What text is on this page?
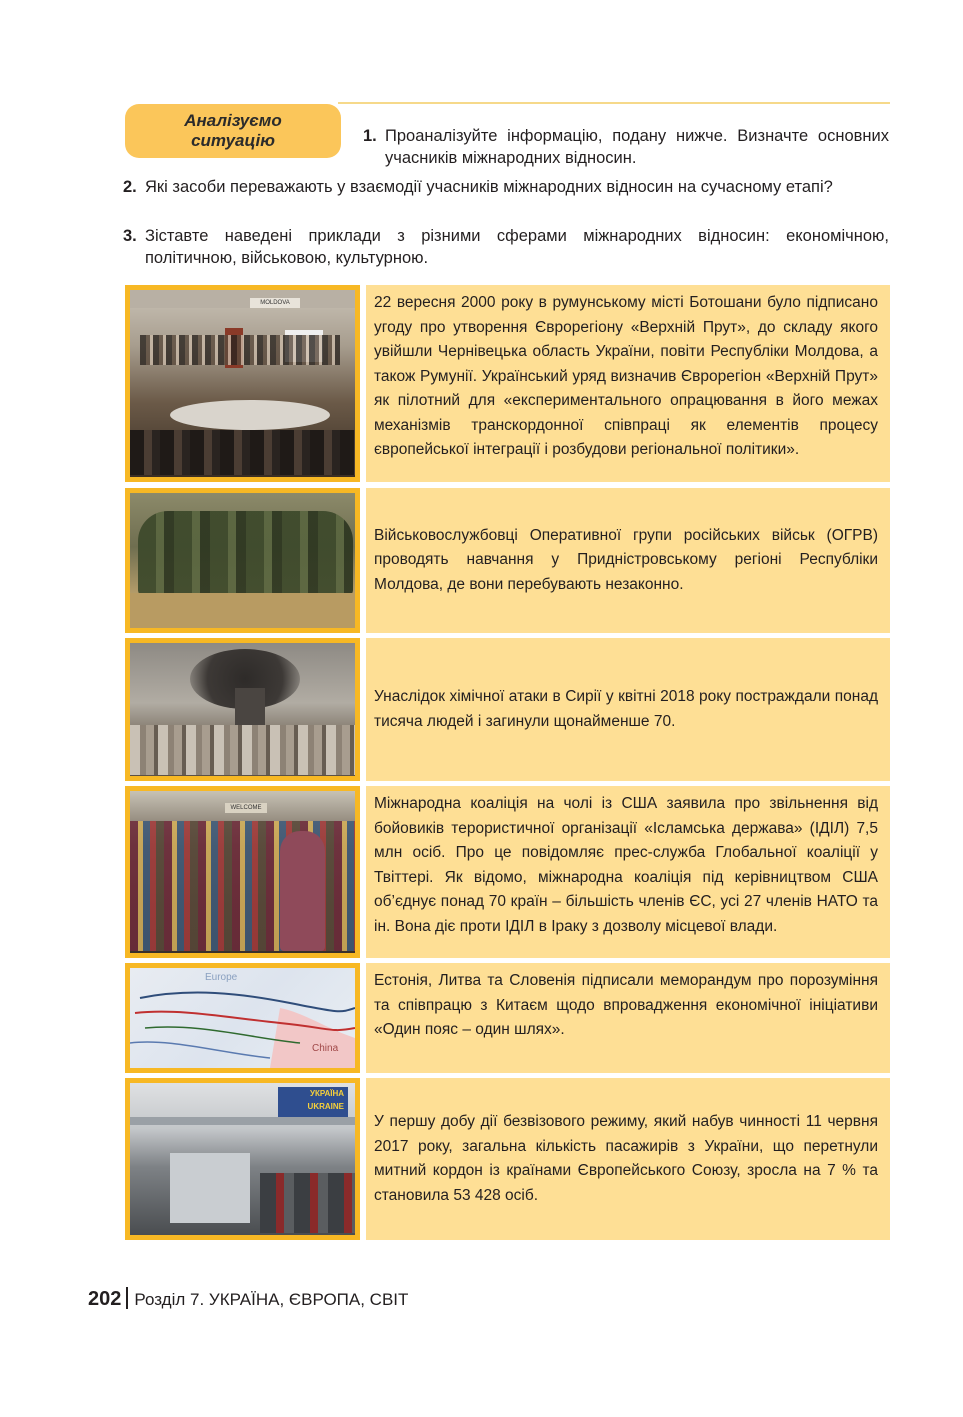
Аналізуємо
ситуацію	1. Проаналізуйте інформацію, подану нижче. Визначте основних учасників міжнародних відносин.
2. Які засоби переважають у взаємодії учасників міжнародних відносин на сучасному етапі?
3. Зіставте наведені приклади з різними сферами міжнародних відносин: економічною, політичною, військовою, культурною.
MOLDOVA	22 вересня 2000 року в румунському місті Ботошани було підписано угоду про утворення Єврорегіону «Верхній Прут», до складу якого увійшли Чернівецька область України, повіти Республіки Молдова, а також Румунії. Український уряд визначив Єврорегіон «Верхній Прут» як пілотний для «експериментального опрацювання в його межах механізмів транскордонної співпраці як елементів процесу європейської інтеграції і розбудови регіональної політики».

Військовослужбовці Оперативної групи російських військ (ОГРВ) проводять навчання у Придністровському регіоні Республіки Молдова, де вони перебувають незаконно.

Унаслідок хімічної атаки в Сирії у квітні 2018 року постраждали понад тисяча людей і загинули щонайменше 70.

WELCOME	Міжнародна коаліція на чолі із США заявила про звільнення від бойовиків терористичної організації «Ісламська держава» (ІДІЛ) 7,5 млн осіб. Про це повідомляє прес-служба Глобальної коаліції у Твіттері. Як відомо, міжнародна коаліція під керівництвом США об’єднує понад 70 країн – більшість членів ЄС, усі 27 членів НАТО та ін. Вона діє проти ІДІЛ в Іраку з дозволу місцевої влади.

Europe
China

Естонія, Литва та Словенія підписали меморандум про порозуміння та співпрацю з Китаєм щодо впровадження економічної ініціативи «Один пояс – один шлях».

УКРАЇНА
UKRAINE

У першу добу дії безвізового режиму, який набув чинності 11 червня 2017 року, загальна кількість пасажирів з України, що перетнули митний кордон із країнами Європейського Союзу, зросла на 7 % та становила 53 428 осіб.

202 Розділ 7. УКРАЇНА, ЄВРОПА, СВІТ
